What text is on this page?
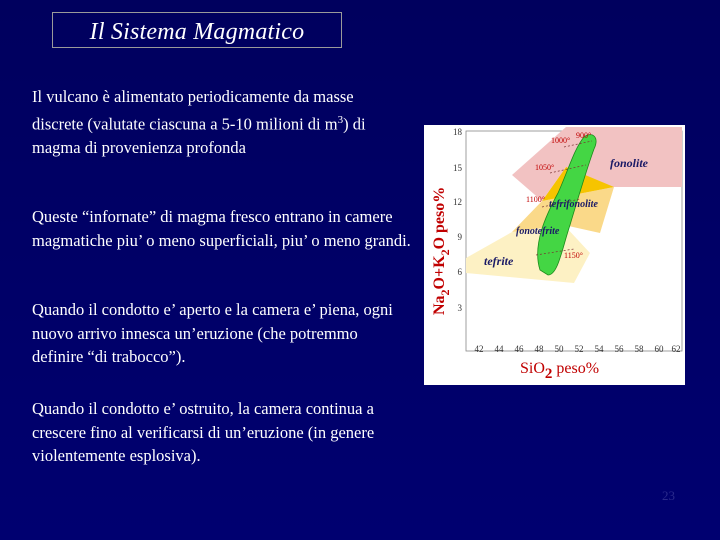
Il Sistema Magmatico

Il vulcano è alimentato periodicamente da masse discrete (valutate ciascuna a 5-10 milioni di $m^3$) di magma di provenienza profonda

Queste “infornate” di magma fresco entrano in camere magmatiche piu’ o meno superficiali, piu’ o meno grandi.

Quando il condotto e’ aperto e la camera e’ piena, ogni nuovo arrivo innesca un’eruzione (che potremmo definire “di trabocco”).

Quando il condotto e’ ostruito, la camera continua a crescere fino al verificarsi di un’eruzione (in genere violentemente esplosiva).

1000°
900°
1050°
1100°
1150°
fonolite
tefrifonolite
fonotefrite
tefrite
18
15
12
9
6
3
42 44 46 48 50 52 54 56 58 60 62
SiO2 peso%
$Na_2O+K_2O$ peso%
23
